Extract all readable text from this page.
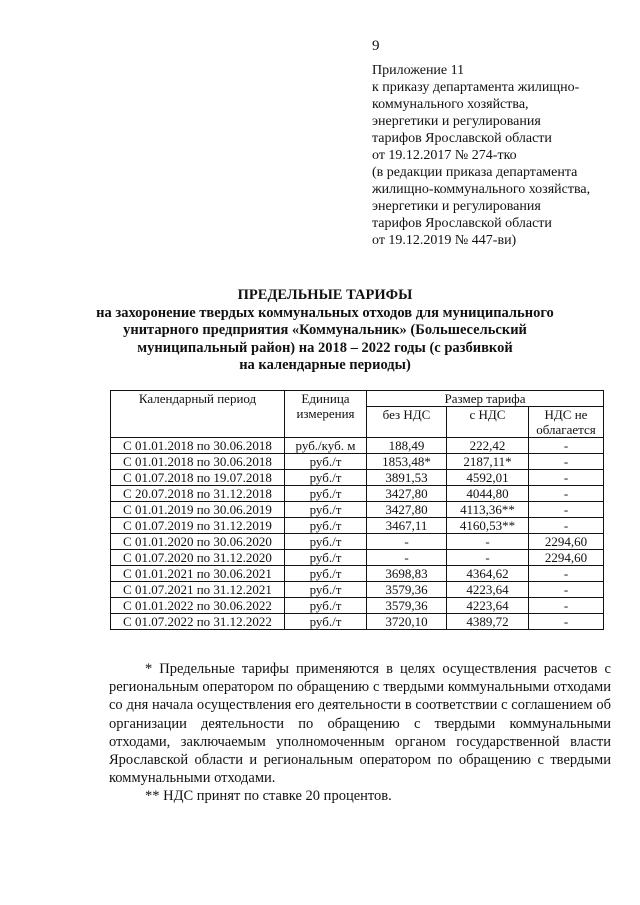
9
Приложение 11
к приказу департамента жилищно-
коммунального хозяйства,
энергетики и регулирования
тарифов Ярославской области
от 19.12.2017 № 274-тко
(в редакции приказа департамента
жилищно-коммунального хозяйства,
энергетики и регулирования
тарифов Ярославской области
от 19.12.2019 № 447-ви)
ПРЕДЕЛЬНЫЕ ТАРИФЫ
на захоронение твердых коммунальных отходов для муниципального
унитарного предприятия «Коммунальник» (Большесельский
муниципальный район) на 2018 – 2022 годы (с разбивкой
на календарные периоды)
Календарный период	Единица измерения	Размер тарифа		
		без НДС	с НДС	НДС не облагается
С 01.01.2018 по 30.06.2018	руб./куб. м	188,49	222,42	-
С 01.01.2018 по 30.06.2018	руб./т	1853,48*	2187,11*	-
С 01.07.2018 по 19.07.2018	руб./т	3891,53	4592,01	-
С 20.07.2018 по 31.12.2018	руб./т	3427,80	4044,80	-
С 01.01.2019 по 30.06.2019	руб./т	3427,80	4113,36**	-
С 01.07.2019 по 31.12.2019	руб./т	3467,11	4160,53**	-
С 01.01.2020 по 30.06.2020	руб./т	-	-	2294,60
С 01.07.2020 по 31.12.2020	руб./т	-	-	2294,60
С 01.01.2021 по 30.06.2021	руб./т	3698,83	4364,62	-
С 01.07.2021 по 31.12.2021	руб./т	3579,36	4223,64	-
С 01.01.2022 по 30.06.2022	руб./т	3579,36	4223,64	-
С 01.07.2022 по 31.12.2022	руб./т	3720,10	4389,72	-

* Предельные тарифы применяются в целях осуществления расчетов с региональным оператором по обращению с твердыми коммунальными отходами со дня начала осуществления его деятельности в соответствии с соглашением об организации деятельности по обращению с твердыми коммунальными отходами, заключаемым уполномоченным органом государственной власти Ярославской области и региональным оператором по обращению с твердыми коммунальными отходами.

** НДС принят по ставке 20 процентов.
